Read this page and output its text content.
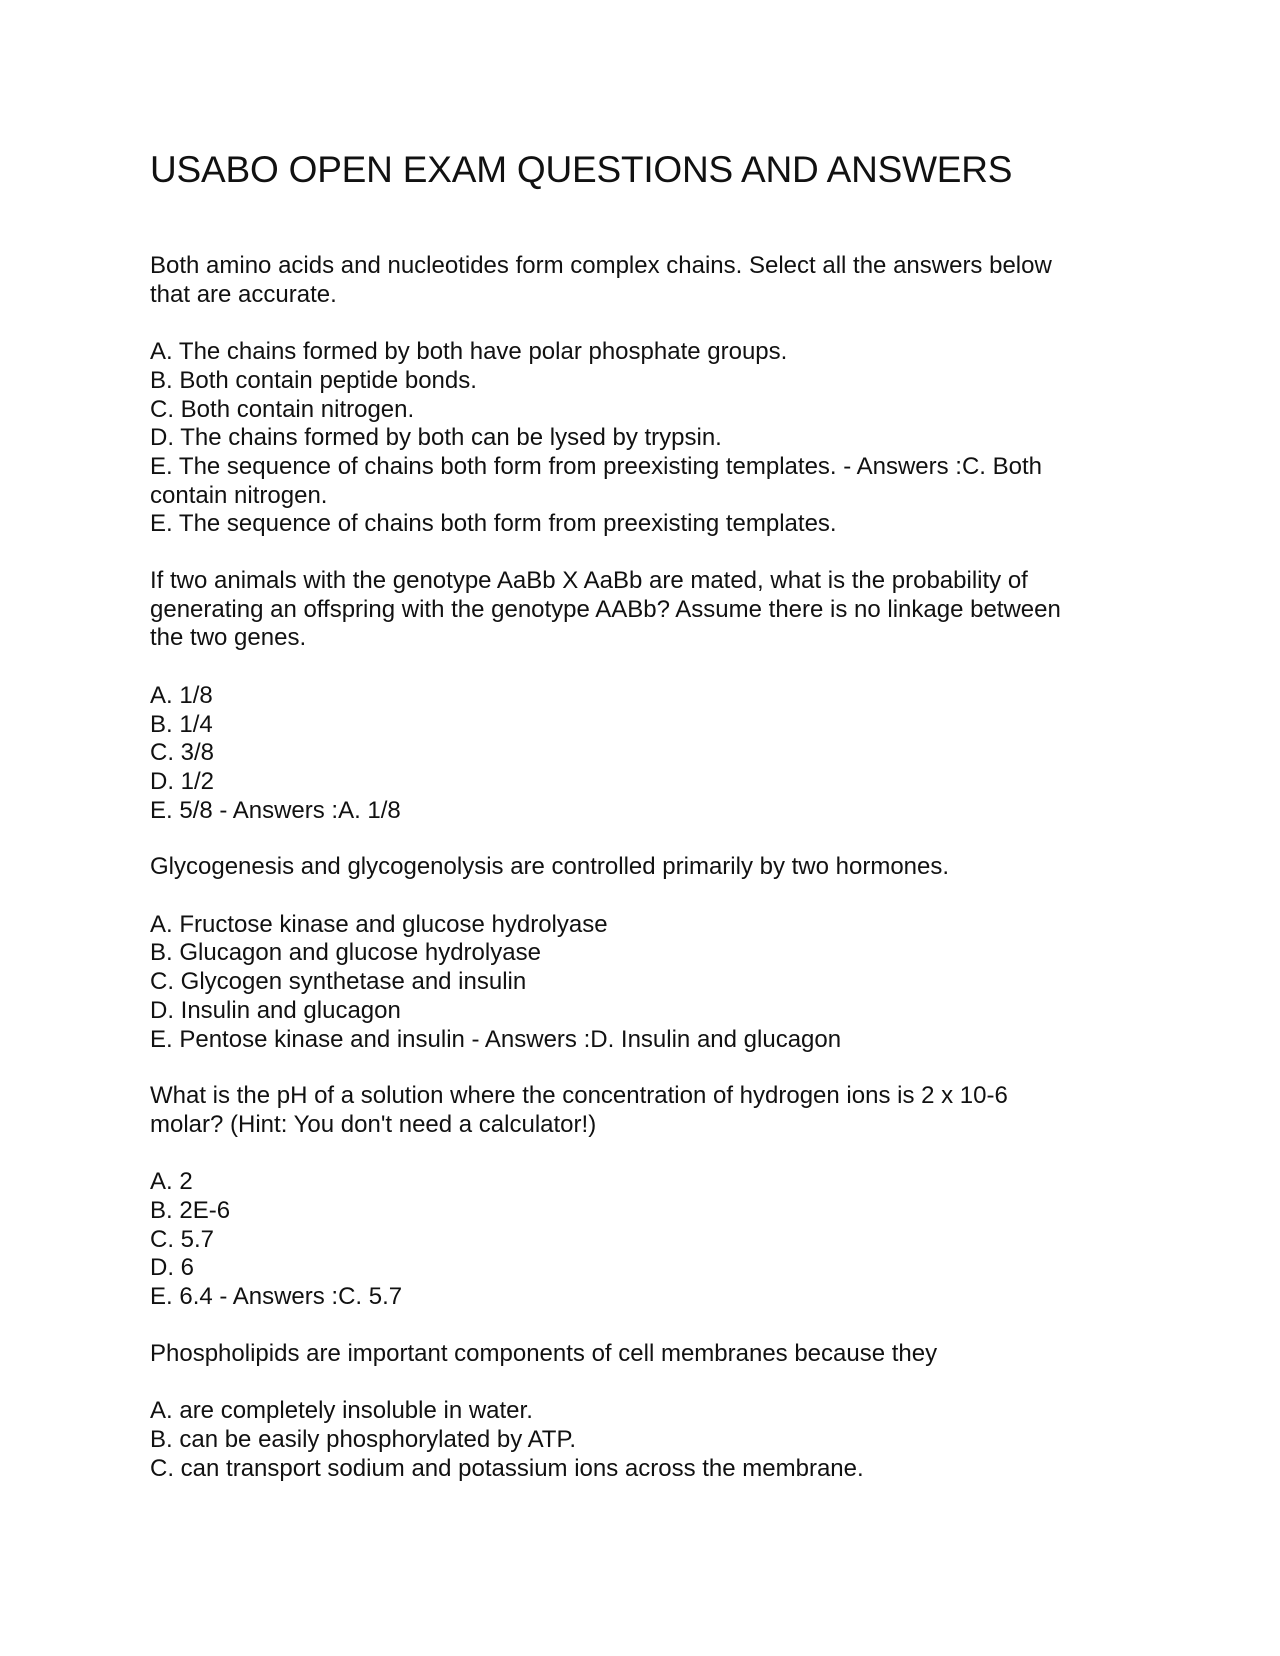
USABO OPEN EXAM QUESTIONS AND ANSWERS

Both amino acids and nucleotides form complex chains. Select all the answers below

that are accurate.

A. The chains formed by both have polar phosphate groups.

B. Both contain peptide bonds.

C. Both contain nitrogen.

D. The chains formed by both can be lysed by trypsin.

E. The sequence of chains both form from preexisting templates. - Answers :C. Both

contain nitrogen.

E. The sequence of chains both form from preexisting templates.

If two animals with the genotype AaBb X AaBb are mated, what is the probability of

generating an offspring with the genotype AABb? Assume there is no linkage between

the two genes.

A. 1/8

B. 1/4

C. 3/8

D. 1/2

E. 5/8 - Answers :A. 1/8

Glycogenesis and glycogenolysis are controlled primarily by two hormones.

A. Fructose kinase and glucose hydrolyase

B. Glucagon and glucose hydrolyase

C. Glycogen synthetase and insulin

D. Insulin and glucagon

E. Pentose kinase and insulin - Answers :D. Insulin and glucagon

What is the pH of a solution where the concentration of hydrogen ions is 2 x 10-6

molar? (Hint: You don't need a calculator!)

A. 2

B. 2E-6

C. 5.7

D. 6

E. 6.4 - Answers :C. 5.7

Phospholipids are important components of cell membranes because they

A. are completely insoluble in water.

B. can be easily phosphorylated by ATP.

C. can transport sodium and potassium ions across the membrane.
